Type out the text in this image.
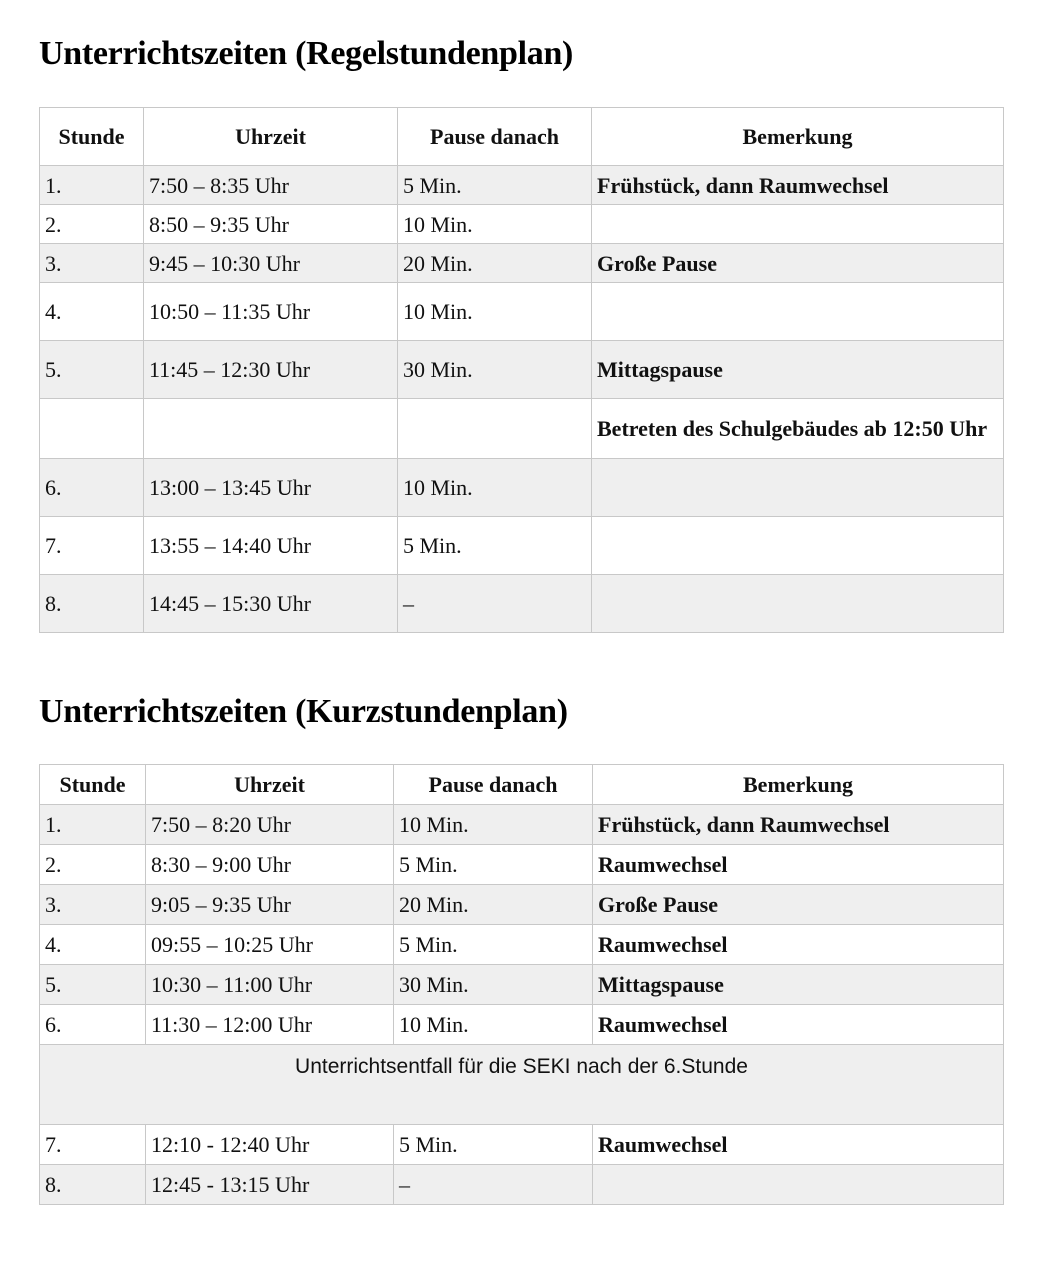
Unterrichtszeiten (Regelstundenplan)
Stunde	Uhrzeit	Pause danach	Bemerkung
1.	7:50 – 8:35 Uhr	5 Min.	Frühstück, dann Raumwechsel
2.	8:50 – 9:35 Uhr	10 Min.	
3.	9:45 – 10:30 Uhr	20 Min.	Große Pause
4.	10:50 – 11:35 Uhr	10 Min.	
5.	11:45 – 12:30 Uhr	30 Min.	Mittagspause
			Betreten des Schulgebäudes ab 12:50 Uhr
6.	13:00 – 13:45 Uhr	10 Min.	
7.	13:55 – 14:40 Uhr	5 Min.	
8.	14:45 – 15:30 Uhr	–	
Unterrichtszeiten (Kurzstundenplan)
Stunde	Uhrzeit	Pause danach	Bemerkung
1.	7:50 – 8:20 Uhr	10 Min.	Frühstück, dann Raumwechsel
2.	8:30 – 9:00 Uhr	5 Min.	Raumwechsel
3.	9:05 – 9:35 Uhr	20 Min.	Große Pause
4.	09:55 – 10:25 Uhr	5 Min.	Raumwechsel
5.	10:30 – 11:00 Uhr	30 Min.	Mittagspause
6.	11:30 – 12:00 Uhr	10 Min.	Raumwechsel
Unterrichtsentfall für die SEKI nach der 6.Stunde			
7.	12:10 - 12:40 Uhr	5 Min.	Raumwechsel
8.	12:45 - 13:15 Uhr	–	
